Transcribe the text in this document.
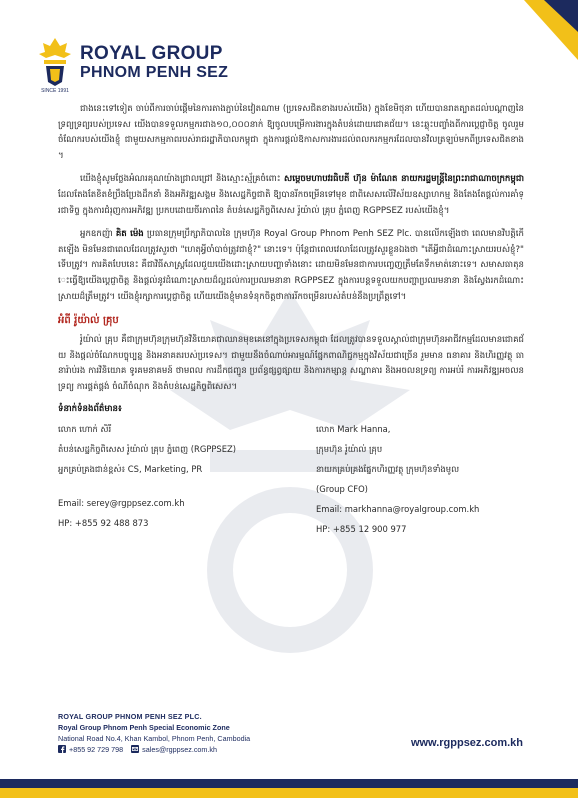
ROYAL GROUP
PHNOM PENH SEZ
SINCE 1991

ជាងនេះទៅទៀត ចាប់ពីការចាប់ផ្តើមនៃការតាងភ្ជាប់នៃវៀតណាម (ប្រទេសជិតខាងរបស់យើង) ក្នុងខែមិថុនា ហើយបានរាតត្បាតដល់បណ្តាញនៃទ្រព្យទ្រព្យរបស់ប្រទេស យើងបានទទួលកម្មករជាង១០,០០០នាក់ ឱ្យចូលបម្រើការងារក្នុងតំបន់ដោយជោគជ័យ។ នេះឆ្លុះបញ្ចាំងពីការប្តេជ្ញាចិត្ត ចូលរួមចំណែករបស់យើងខ្ញុំ ជាមួយសកម្មភាពរបស់រាជរដ្ឋាភិបាលកម្ពុជា ក្នុងការផ្តល់ឱកាសការងារដល់ពលករកម្មករដែលបានវិលត្រឡប់មកពីប្រទេសជិតខាង។

យើងខ្ញុំសូមថ្លែងអំណរគុណយ៉ាងជ្រាលជ្រៅ និងស្មោះស្ម័គ្រចំពោះ សម្តេចមហាបវរធិបតី ហ៊ុន ម៉ាណែត នាយករដ្ឋមន្ត្រីនៃព្រះរាជាណាចក្រកម្ពុជា ដែលតែងតែខិតខំប្រឹងប្រែងដឹកនាំ និងអភិវឌ្ឍសង្គម និងសេដ្ឋកិច្ចជាតិ ឱ្យបានរីកចម្រើនទៅមុខ ជាពិសេសលើវិស័យឧស្សាហកម្ម និងតែងតែផ្តល់ការគាំទ្រជាទិច្ច ក្នុងការជំរុញការអភិវឌ្ឍ ប្រកបដោយចីរភាពនៃ តំបន់សេដ្ឋកិច្ចពិសេស រ៉ូយ៉ាល់ គ្រុប ភ្នំពេញ RGPPSEZ របស់យើងខ្ញុំ។

អ្នកឧកញ៉ា គិត ម៉េង ប្រធានក្រុមប្រឹក្សាភិបាលនៃ ក្រុមហ៊ុន Royal Group Phnom Penh SEZ Plc. បានលើកឡើងថា ពេលមានវិបត្តិកើតឡើង មិនមែនជាពេលដែលត្រូវសួរថា "ហេតុអ្វីចាំបាច់ត្រូវជាខ្ញុំ?" នោះទេ។ ប៉ុន្តែជាពេលវេលាដែលត្រូវសួរខ្លួនឯងថា "តើអ្វីជាដំណោះស្រាយរបស់ខ្ញុំ?" ទើបត្រូវ។ ការគិតបែបនេះ គឺជាវិធីសាស្ត្រដែលជួយយើងដោះស្រាយបញ្ហាទាំងនោះ ដោយមិនមែនជាការបញ្ចេញត្រឹមតែទឹកមាត់នោះទេ។ សមាសធាតុនេះធ្វើឱ្យយើងប្តេជ្ញាចិត្ត និងផ្តល់នូវដំណោះស្រាយដ៏ល្អដល់ការប្រឈមនានា RGPPSEZ ក្នុងការបន្តទទួលយកបញ្ហាប្រឈមនានា និងស្វែងរកដំណោះស្រាយដ៏ត្រឹមត្រូវ។ យើងខ្ញុំរក្សាការប្តេជ្ញាចិត្ត ហើយយើងខ្ញុំមានទំនុកចិត្តថាការរីកចម្រើនរបស់តំបន់នឹងប្រព្រឹត្តទៅ។

អំពី រ៉ូយ៉ាល់ គ្រុប

រ៉ូយ៉ាល់ គ្រុប គឺជាក្រុមហ៊ុនក្រុមហ៊ុនវិនិយោគជាឈានមុខគេនៅក្នុងប្រទេសកម្ពុជា ដែលត្រូវបានទទួលស្គាល់ជាក្រុមហ៊ុនអាជីវកម្មដែលមានជោគជ័យ និងផ្តល់ចំណែកបច្ចុប្បន្ន និងអនាគតរបស់ប្រទេស។ ជាមួយនឹងចំណាប់អារម្មណ៍ផ្នែកពាណិជ្ជកម្មក្នុងវិស័យជាច្រើន រួមមាន ធនាគារ និងហិរញ្ញវត្ថុ ធានារ៉ាប់រង ការវិនិយោគ ទូរគមនាគមន៍ ថាមពល ការដឹកជញ្ជូន ប្រព័ន្ធផ្សព្វផ្សាយ និងការកម្សាន្ត សណ្ឋាគារ និងអចលនទ្រព្យ ការអប់រំ ការអភិវឌ្ឍអចលនទ្រព្យ ការផ្គត់ផ្គង់ ចំណីចំណុក និងតំបន់សេដ្ឋកិច្ចពិសេស។

ទំនាក់ទំនងព័ត៌មាន៖
លោក ហោក់ សិរី
តំបន់សេដ្ឋកិច្ចពិសេស រ៉ូយ៉ាល់ គ្រុប ភ្នំពេញ (RGPPSEZ)
អ្នកគ្រប់គ្រងជាន់ខ្ពស់៖ CS, Marketing, PR
Email: serey@rgppsez.com.kh
HP: +855 92 488 873
លោក Mark Hanna,
ក្រុមហ៊ុន រ៉ូយ៉ាល់ គ្រុប
នាយកគ្រប់គ្រងផ្នែកហិរញ្ញវត្ថុ ក្រុមហ៊ុនទាំងមូល
(Group CFO)
Email: markhanna@royalgroup.com.kh
HP: +855 12 900 977
ROYAL GROUP PHNOM PENH SEZ PLC.
Royal Group Phnom Penh Special Economic Zone
National Road No.4, Khan Kambol, Phnom Penh, Cambodia
+855 92 729 798	sales@rgppsez.com.kh
www.rgppsez.com.kh
